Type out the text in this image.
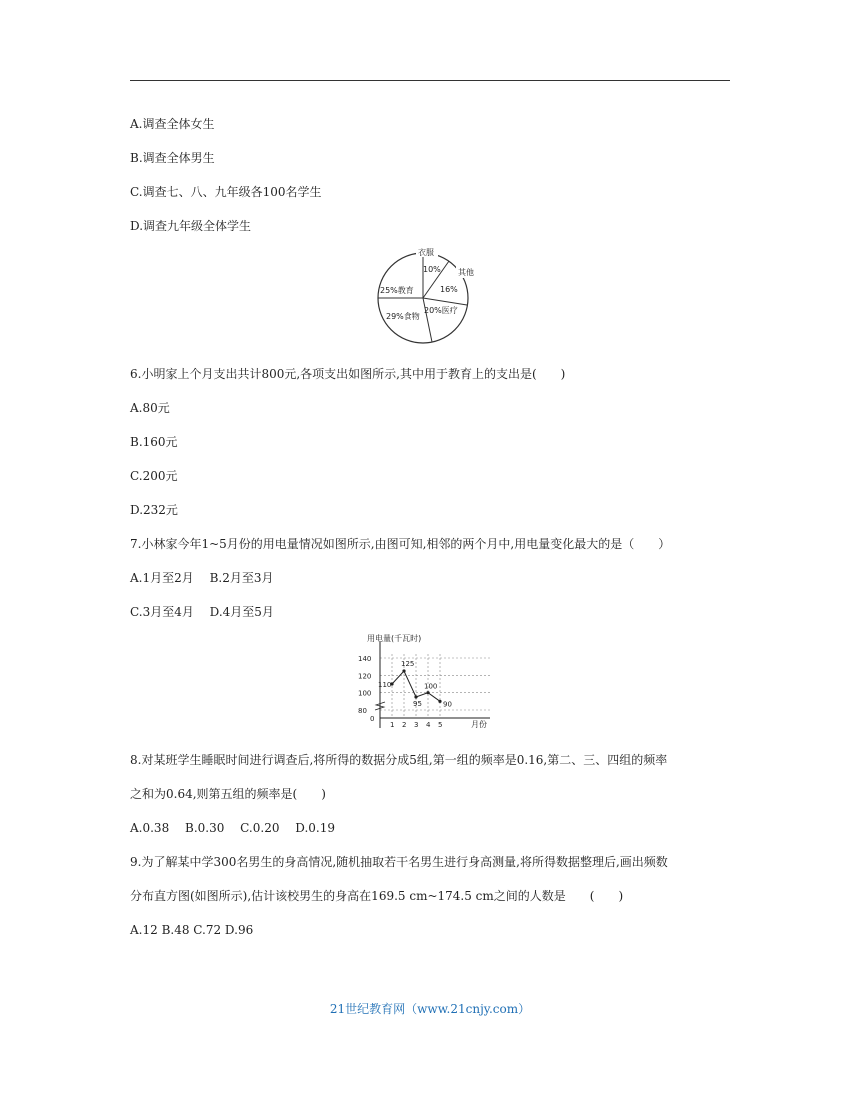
A.调查全体女生
B.调查全体男生
C.调查七、八、九年级各100名学生
D.调查九年级全体学生
衣服
10% 其他
16%
25%教育
20%医疗
29%食物
6.小明家上个月支出共计800元,各项支出如图所示,其中用于教育上的支出是(　　)
A.80元
B.160元
C.200元
D.232元
7.小林家今年1~5月份的用电量情况如图所示,由图可知,相邻的两个月中,用电量变化最大的是（　　）
A.1月至2月　 B.2月至3月
C.3月至4月　 D.4月至5月
用电量(千瓦时)
月份
0
80
100
120
140
1 2 3 4 5
110
125
95
100
90
8.对某班学生睡眠时间进行调查后,将所得的数据分成5组,第一组的频率是0.16,第二、三、四组的频率
之和为0.64,则第五组的频率是(　　)
A.0.38　 B.0.30　 C.0.20　 D.0.19
9.为了解某中学300名男生的身高情况,随机抽取若干名男生进行身高测量,将所得数据整理后,画出频数
分布直方图(如图所示),估计该校男生的身高在169.5 cm~174.5 cm之间的人数是　　(　　)
A.12 B.48 C.72 D.96
21世纪教育网（www.21cnjy.com）
